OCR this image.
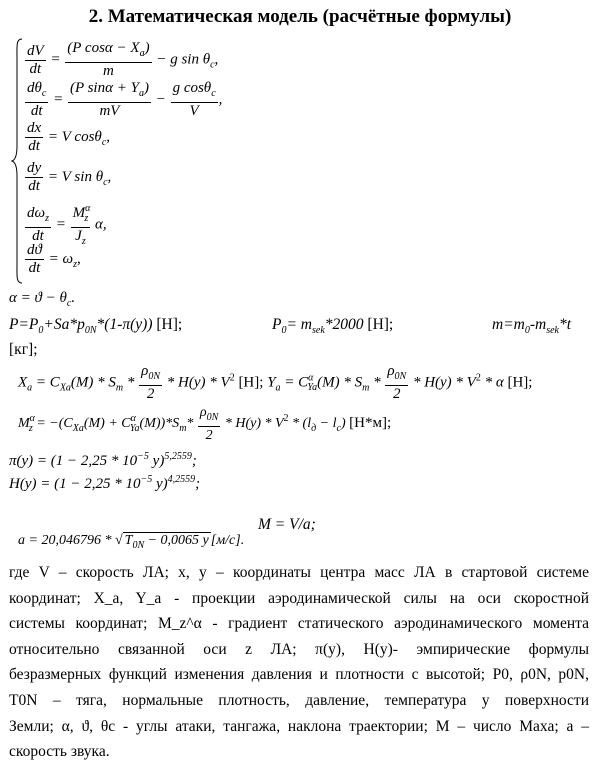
2. Математическая модель (расчётные формулы)
$\frac{dV}{dt} = \frac{(P \cos\alpha - X_a)}{m} - g$ $\sin \theta_c$,
$\frac{d\theta_c}{dt} = \frac{(P \sin\alpha + Y_a)}{mV} - \frac{g \cos\theta_c}{V}$ ,
$\frac{dx}{dt} = V$ cosθ$_c$,
$\frac{dy}{dt} = V$ $\sin \theta_c$,
$\frac{d\omega_z}{dt} = \frac{M^\alpha_z}{J_z} \alpha$,
$\frac{dϑ}{dt} = \omega_z$,
$\alpha = ϑ - \theta_c$.
$P=P_0+Sa*p_{0N}*(1-\pi(y))$ [Н];	$P_0= m_{sek}*2000$ [Н];	$m=m_0-m_{sek}*t$
[кг];
$X_a = C_{Xa}(M) * S_m * \frac{\rho_{0N}}{2} * H(y) * V^2$ [Н]; $Y_a = C^\alpha_{Ya}(M) * S_m * \frac{\rho_{0N}}{2} * H(y) * V^2 * \alpha$ [Н];
$M^\alpha_z = -(C_{Xa}(M) + C^\alpha_{Ya}(M))*S_m* \frac{\rho_{0N}}{2} * H(y) * V^2 * (l_д - l_c)$ [Н*м];
$\pi(y) = (1 - 2,25 * 10^{-5}$ y)$^{5,2559}$;
$H(y) = (1 - 2,25 * 10^{-5}$ y)$^{4,2559}$;
M = V/a;
a = 20,046796 * √ $T_{0N} - 0,0065$ y [м/с].
где V – скорость ЛА; x, y – координаты центра масс ЛА в стартовой системе
координат; X_a, Y_a - проекции аэродинамической силы на оси скоростной
системы координат; M_z^α - градиент статического аэродинамического момента
относительно связанной оси z ЛА; π(y), H(y)- эмпирические формулы
безразмерных функций изменения давления и плотности с высотой; P0, ρ0N, p0N,
T0N – тяга, нормальные плотность, давление, температура у поверхности
Земли; α, ϑ, θc - углы атаки, тангажа, наклона траектории; М – число Маха; a –
скорость звука.
